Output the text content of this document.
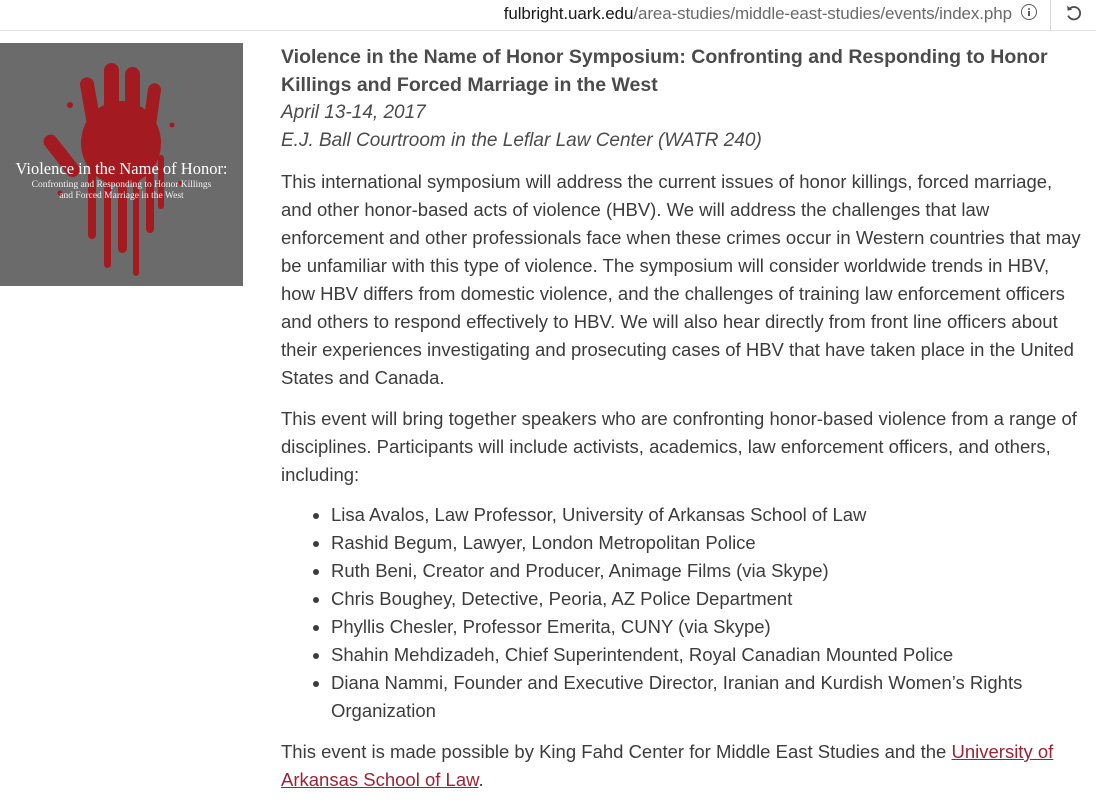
fulbright.uark.edu/area-studies/middle-east-studies/events/index.php
Violence in the Name of Honor:
Confronting and Responding to Honor Killings
and Forced Marriage in the West
Violence in the Name of Honor Symposium: Confronting and Responding to Honor Killings and Forced Marriage in the West

April 13-14, 2017

E.J. Ball Courtroom in the Leflar Law Center (WATR 240)

This international symposium will address the current issues of honor killings, forced marriage, and other honor-based acts of violence (HBV). We will address the challenges that law enforcement and other professionals face when these crimes occur in Western countries that may be unfamiliar with this type of violence. The symposium will consider worldwide trends in HBV, how HBV differs from domestic violence, and the challenges of training law enforcement officers and others to respond effectively to HBV. We will also hear directly from front line officers about their experiences investigating and prosecuting cases of HBV that have taken place in the United States and Canada.

This event will bring together speakers who are confronting honor-based violence from a range of disciplines. Participants will include activists, academics, law enforcement officers, and others, including:

Lisa Avalos, Law Professor, University of Arkansas School of Law
Rashid Begum, Lawyer, London Metropolitan Police
Ruth Beni, Creator and Producer, Animage Films (via Skype)
Chris Boughey, Detective, Peoria, AZ Police Department
Phyllis Chesler, Professor Emerita, CUNY (via Skype)
Shahin Mehdizadeh, Chief Superintendent, Royal Canadian Mounted Police
Diana Nammi, Founder and Executive Director, Iranian and Kurdish Women’s Rights Organization

This event is made possible by King Fahd Center for Middle East Studies and the University of Arkansas School of Law.
